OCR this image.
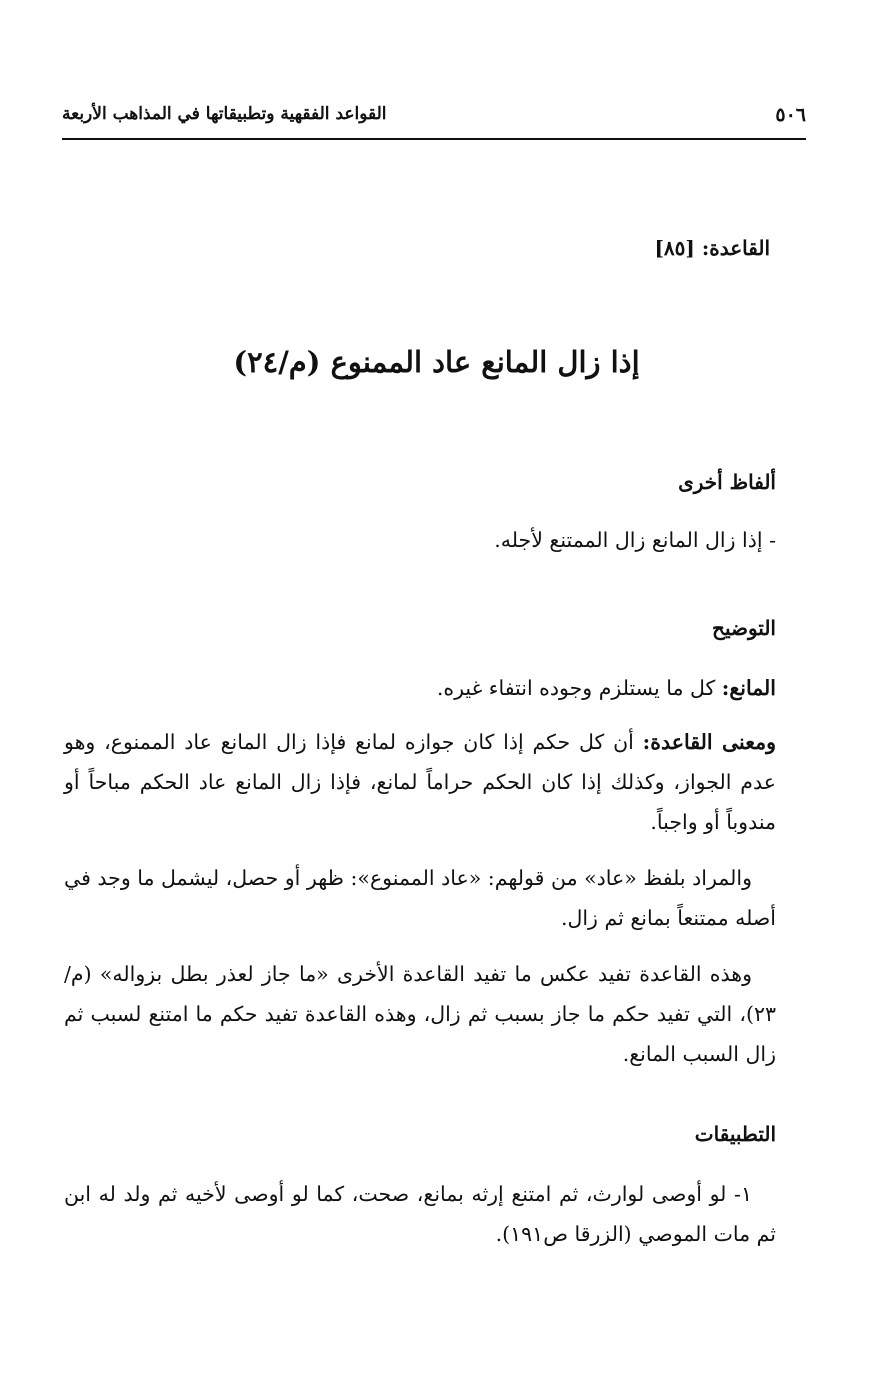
٥٠٦
القواعد الفقهية وتطبيقاتها في المذاهب الأربعة
القاعدة: [٨٥]
إذا زال المانع عاد الممنوع (م/٢٤)

ألفاظ أخرى

- إذا زال المانع زال الممتنع لأجله.

التوضيح

المانع: كل ما يستلزم وجوده انتفاء غيره.

ومعنى القاعدة: أن كل حكم إذا كان جوازه لمانع فإذا زال المانع عاد الممنوع، وهو عدم الجواز، وكذلك إذا كان الحكم حراماً لمانع، فإذا زال المانع عاد الحكم مباحاً أو مندوباً أو واجباً.

والمراد بلفظ «عاد» من قولهم: «عاد الممنوع»: ظهر أو حصل، ليشمل ما وجد في أصله ممتنعاً بمانع ثم زال.

وهذه القاعدة تفيد عكس ما تفيد القاعدة الأخرى «ما جاز لعذر بطل بزواله» (م/٢٣)، التي تفيد حكم ما جاز بسبب ثم زال، وهذه القاعدة تفيد حكم ما امتنع لسبب ثم زال السبب المانع.

التطبيقات

١- لو أوصى لوارث، ثم امتنع إرثه بمانع، صحت، كما لو أوصى لأخيه ثم ولد له ابن ثم مات الموصي (الزرقا ص١٩١).
